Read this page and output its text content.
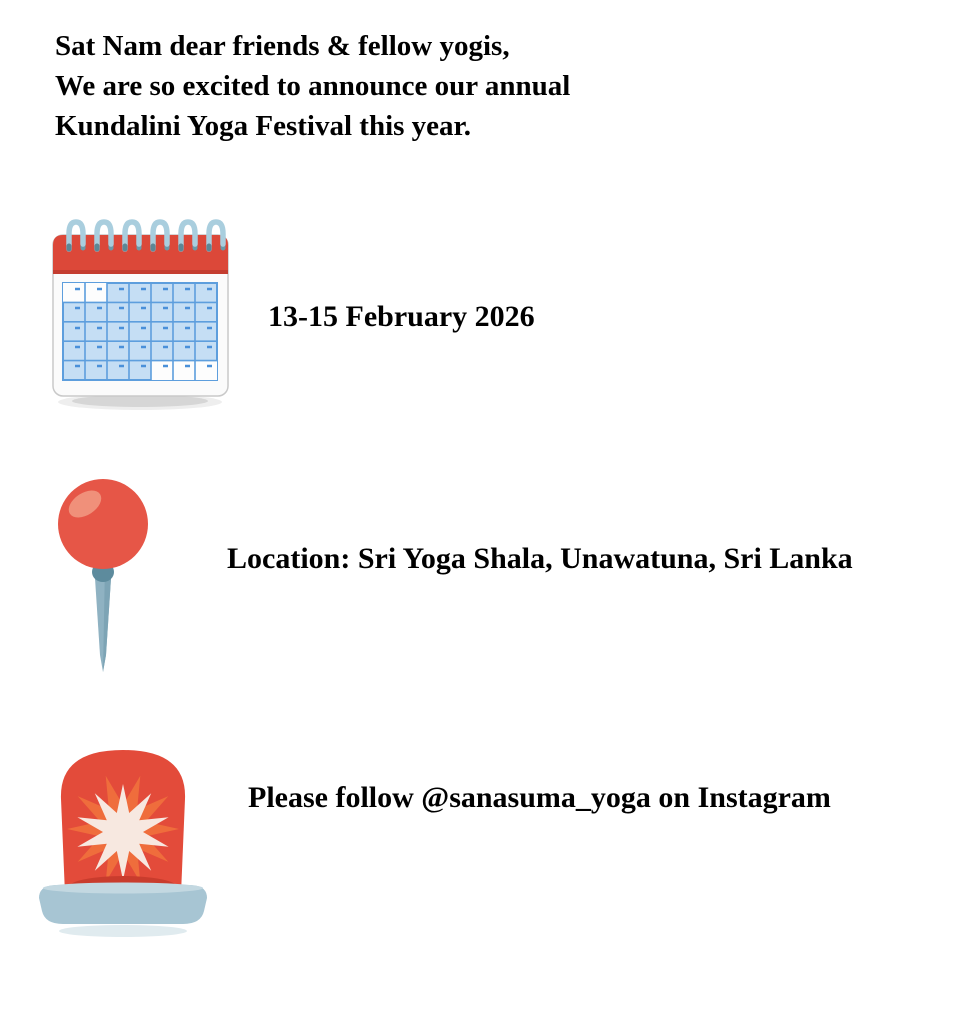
Sat Nam dear friends & fellow yogis,
We are so excited to announce our annual
Kundalini Yoga Festival this year.
13-15 February 2026
Location: Sri Yoga Shala, Unawatuna, Sri Lanka
Please follow @sanasuma_yoga on Instagram
